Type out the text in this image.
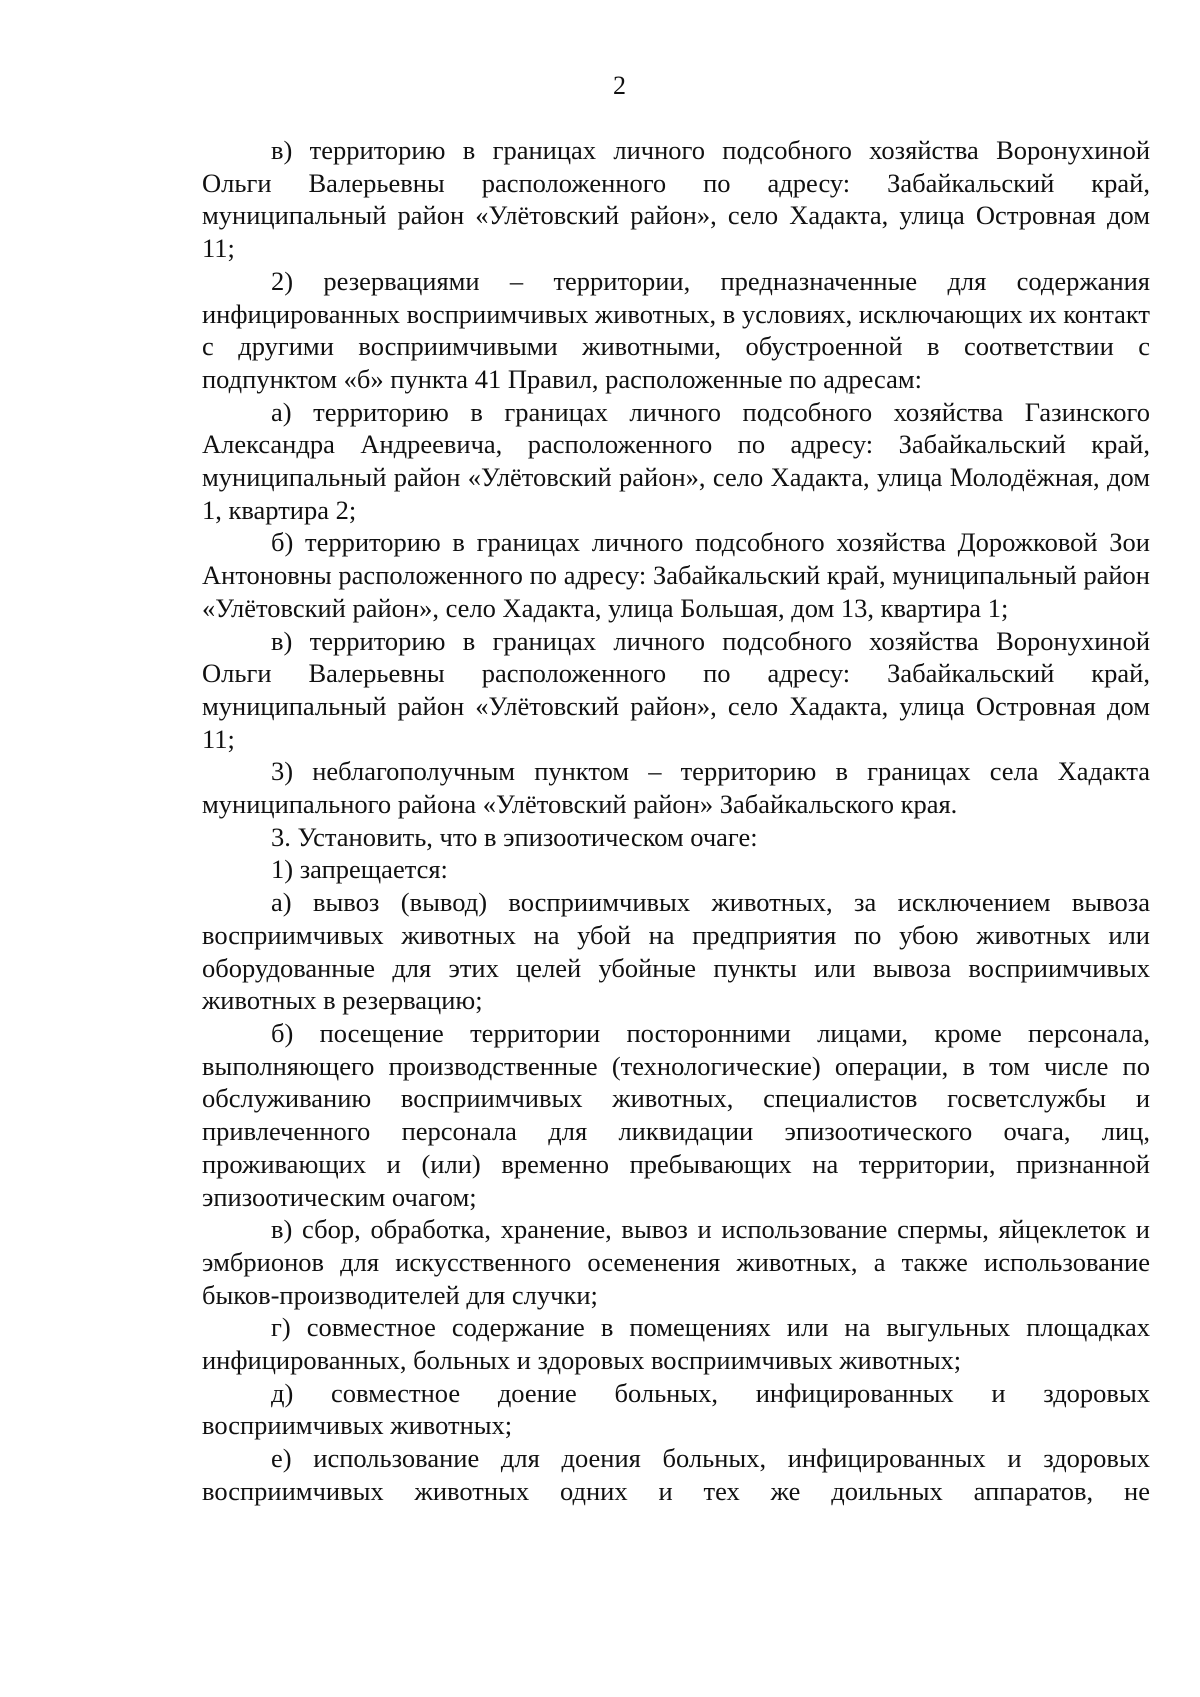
2

в) территорию в границах личного подсобного хозяйства Воронухиной Ольги Валерьевны расположенного по адресу: Забайкальский край, муниципальный район «Улётовский район», село Хадакта, улица Островная дом 11;

2) резервациями – территории, предназначенные для содержания инфицированных восприимчивых животных, в условиях, исключающих их контакт с другими восприимчивыми животными, обустроенной в соответствии с подпунктом «б» пункта 41 Правил, расположенные по адресам:

а) территорию в границах личного подсобного хозяйства Газинского Александра Андреевича, расположенного по адресу: Забайкальский край, муниципальный район «Улётовский район», село Хадакта, улица Молодёжная, дом 1, квартира 2;

б) территорию в границах личного подсобного хозяйства Дорожковой Зои Антоновны расположенного по адресу: Забайкальский край, муниципальный район «Улётовский район», село Хадакта, улица Большая, дом 13, квартира 1;

в) территорию в границах личного подсобного хозяйства Воронухиной Ольги Валерьевны расположенного по адресу: Забайкальский край, муниципальный район «Улётовский район», село Хадакта, улица Островная дом 11;

3) неблагополучным пунктом – территорию в границах села Хадакта муниципального района «Улётовский район» Забайкальского края.

3. Установить, что в эпизоотическом очаге:

1) запрещается:

а) вывоз (вывод) восприимчивых животных, за исключением вывоза восприимчивых животных на убой на предприятия по убою животных или оборудованные для этих целей убойные пункты или вывоза восприимчивых животных в резервацию;

б) посещение территории посторонними лицами, кроме персонала, выполняющего производственные (технологические) операции, в том числе по обслуживанию восприимчивых животных, специалистов госветслужбы и привлеченного персонала для ликвидации эпизоотического очага, лиц, проживающих и (или) временно пребывающих на территории, признанной эпизоотическим очагом;

в) сбор, обработка, хранение, вывоз и использование спермы, яйцеклеток и эмбрионов для искусственного осеменения животных, а также использование быков-производителей для случки;

г) совместное содержание в помещениях или на выгульных площадках инфицированных, больных и здоровых восприимчивых животных;

д) совместное доение больных, инфицированных и здоровых восприимчивых животных;

е) использование для доения больных, инфицированных и здоровых восприимчивых животных одних и тех же доильных аппаратов, не
